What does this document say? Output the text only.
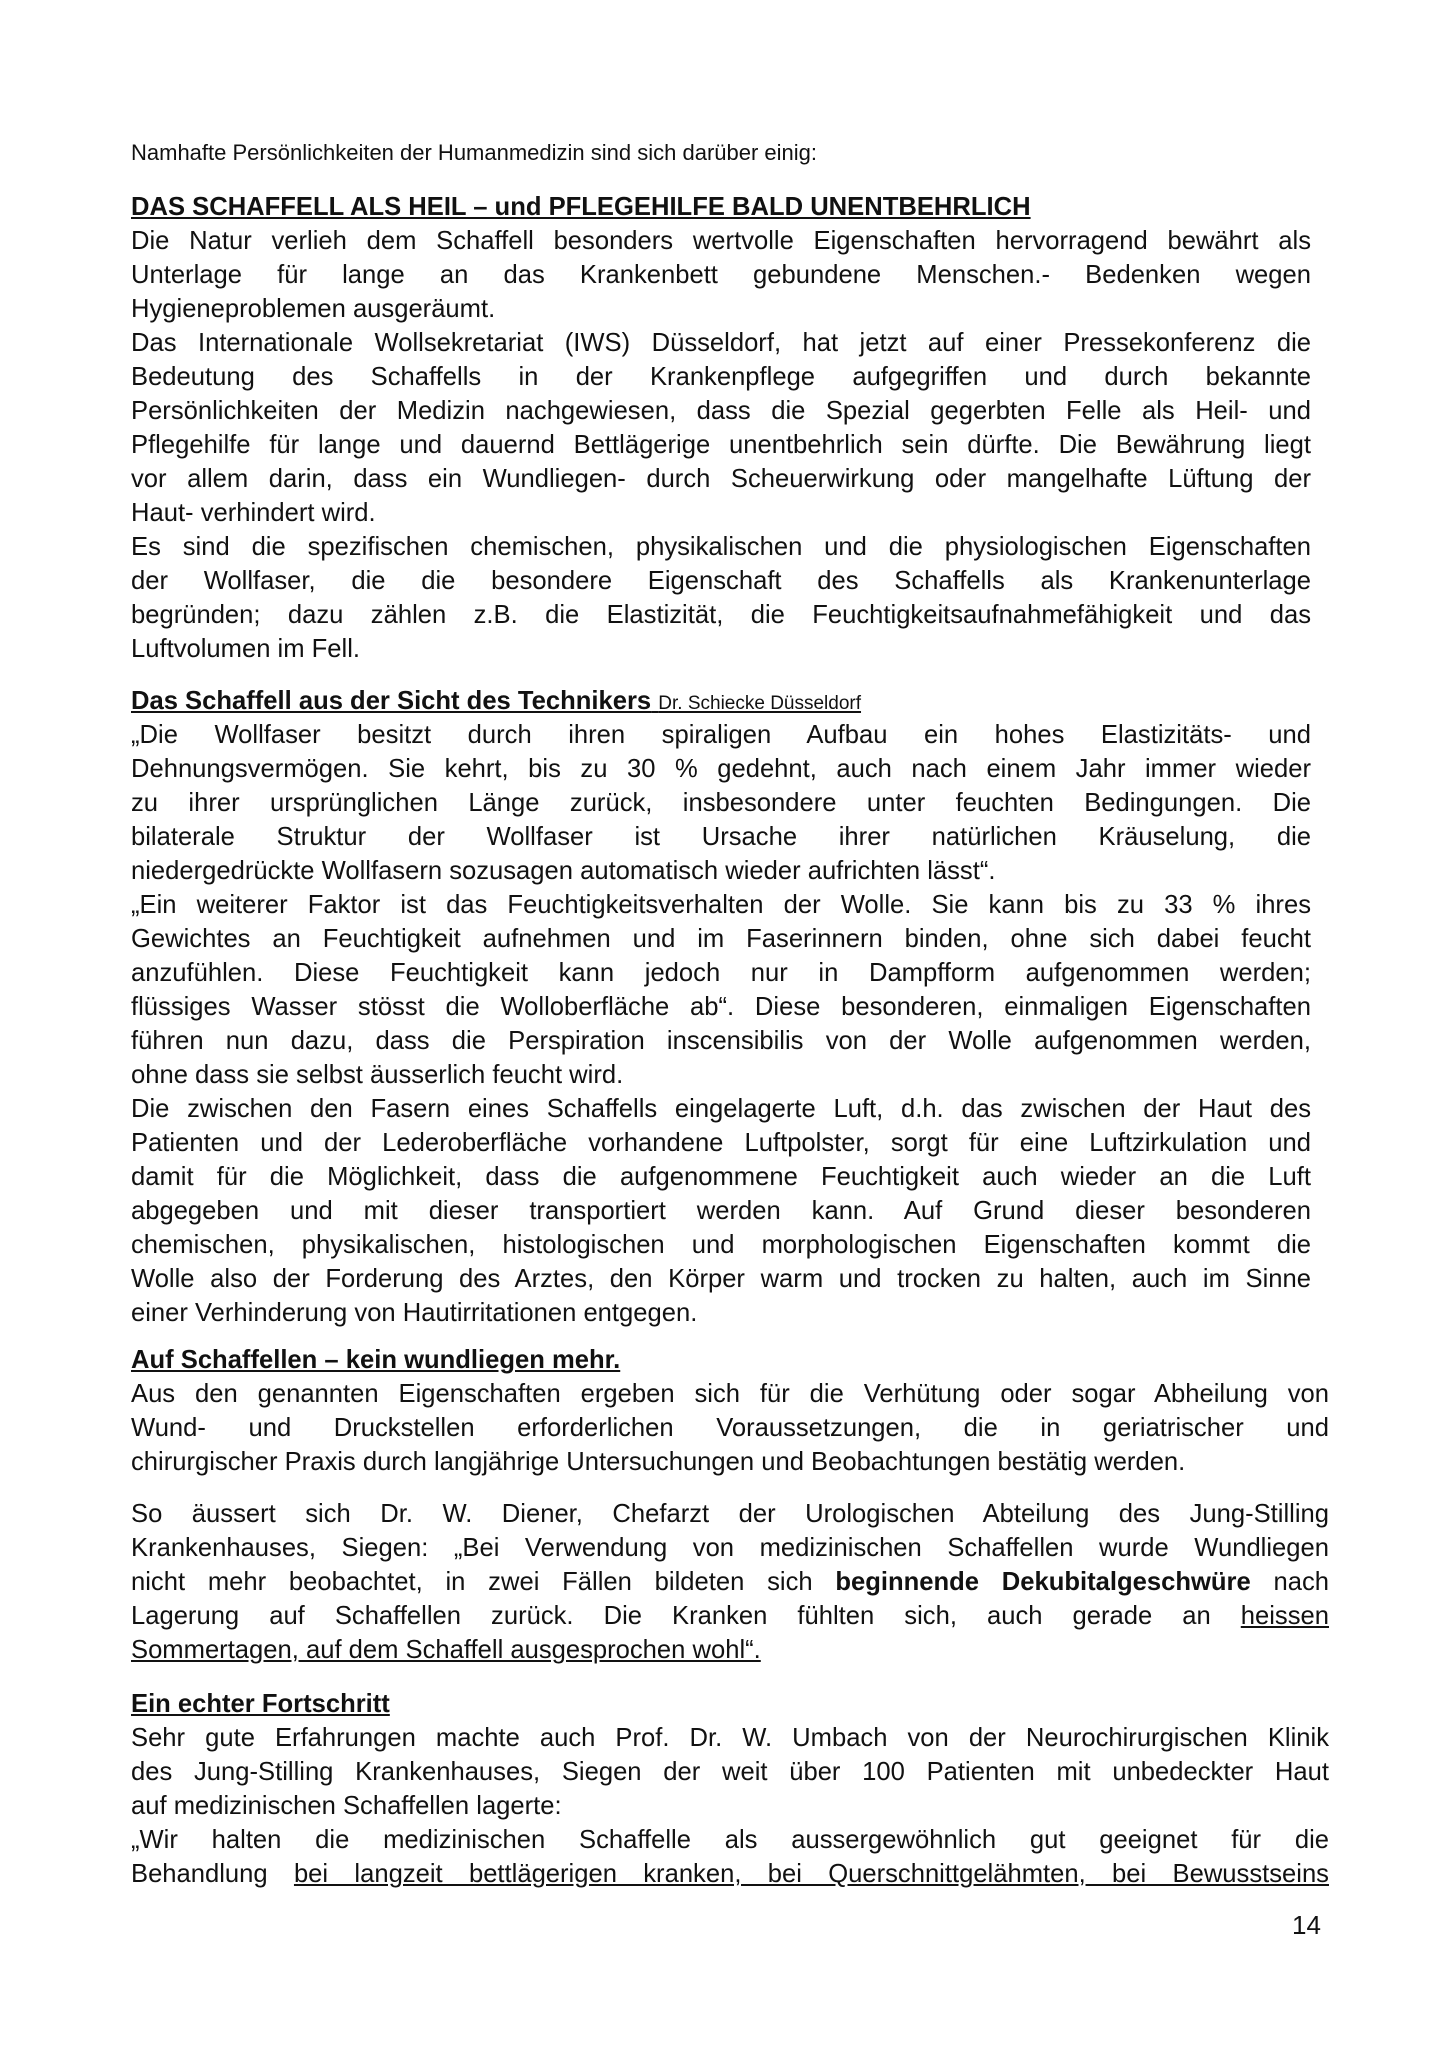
Namhafte Persönlichkeiten der Humanmedizin sind sich darüber einig:
DAS SCHAFFELL ALS HEIL – und PFLEGEHILFE BALD UNENTBEHRLICH
Die Natur verlieh dem Schaffell besonders wertvolle Eigenschaften hervorragend bewährt als
Unterlage für lange an das Krankenbett gebundene Menschen.- Bedenken wegen
Hygieneproblemen ausgeräumt.
Das Internationale Wollsekretariat (IWS) Düsseldorf, hat jetzt auf einer Pressekonferenz die
Bedeutung des Schaffells in der Krankenpflege aufgegriffen und durch bekannte
Persönlichkeiten der Medizin nachgewiesen, dass die Spezial gegerbten Felle als Heil- und
Pflegehilfe für lange und dauernd Bettlägerige unentbehrlich sein dürfte. Die Bewährung liegt
vor allem darin, dass ein Wundliegen- durch Scheuerwirkung oder mangelhafte Lüftung der
Haut- verhindert wird.
Es sind die spezifischen chemischen, physikalischen und die physiologischen Eigenschaften
der Wollfaser, die die besondere Eigenschaft des Schaffells als Krankenunterlage
begründen; dazu zählen z.B. die Elastizität, die Feuchtigkeitsaufnahmefähigkeit und das
Luftvolumen im Fell.
Das Schaffell aus der Sicht des Technikers Dr. Schiecke Düsseldorf
„Die Wollfaser besitzt durch ihren spiraligen Aufbau ein hohes Elastizitäts- und
Dehnungsvermögen. Sie kehrt, bis zu 30 % gedehnt, auch nach einem Jahr immer wieder
zu ihrer ursprünglichen Länge zurück, insbesondere unter feuchten Bedingungen. Die
bilaterale Struktur der Wollfaser ist Ursache ihrer natürlichen Kräuselung, die
niedergedrückte Wollfasern sozusagen automatisch wieder aufrichten lässt“.
„Ein weiterer Faktor ist das Feuchtigkeitsverhalten der Wolle. Sie kann bis zu 33 % ihres
Gewichtes an Feuchtigkeit aufnehmen und im Faserinnern binden, ohne sich dabei feucht
anzufühlen. Diese Feuchtigkeit kann jedoch nur in Dampfform aufgenommen werden;
flüssiges Wasser stösst die Wolloberfläche ab“. Diese besonderen, einmaligen Eigenschaften
führen nun dazu, dass die Perspiration inscensibilis von der Wolle aufgenommen werden,
ohne dass sie selbst äusserlich feucht wird.
Die zwischen den Fasern eines Schaffells eingelagerte Luft, d.h. das zwischen der Haut des
Patienten und der Lederoberfläche vorhandene Luftpolster, sorgt für eine Luftzirkulation und
damit für die Möglichkeit, dass die aufgenommene Feuchtigkeit auch wieder an die Luft
abgegeben und mit dieser transportiert werden kann. Auf Grund dieser besonderen
chemischen, physikalischen, histologischen und morphologischen Eigenschaften kommt die
Wolle also der Forderung des Arztes, den Körper warm und trocken zu halten, auch im Sinne
einer Verhinderung von Hautirritationen entgegen.
Auf Schaffellen – kein wundliegen mehr.
Aus den genannten Eigenschaften ergeben sich für die Verhütung oder sogar Abheilung von
Wund- und Druckstellen erforderlichen Voraussetzungen, die in geriatrischer und
chirurgischer Praxis durch langjährige Untersuchungen und Beobachtungen bestätig werden.
So äussert sich Dr. W. Diener, Chefarzt der Urologischen Abteilung des Jung-Stilling
Krankenhauses, Siegen: „Bei Verwendung von medizinischen Schaffellen wurde Wundliegen
nicht mehr beobachtet, in zwei Fällen bildeten sich beginnende Dekubitalgeschwüre nach
Lagerung auf Schaffellen zurück. Die Kranken fühlten sich, auch gerade an heissen
Sommertagen, auf dem Schaffell ausgesprochen wohl“.
Ein echter Fortschritt
Sehr gute Erfahrungen machte auch Prof. Dr. W. Umbach von der Neurochirurgischen Klinik
des Jung-Stilling Krankenhauses, Siegen der weit über 100 Patienten mit unbedeckter Haut
auf medizinischen Schaffellen lagerte:
„Wir halten die medizinischen Schaffelle als aussergewöhnlich gut geeignet für die
Behandlung bei langzeit bettlägerigen kranken, bei Querschnittgelähmten, bei Bewusstseins
14
